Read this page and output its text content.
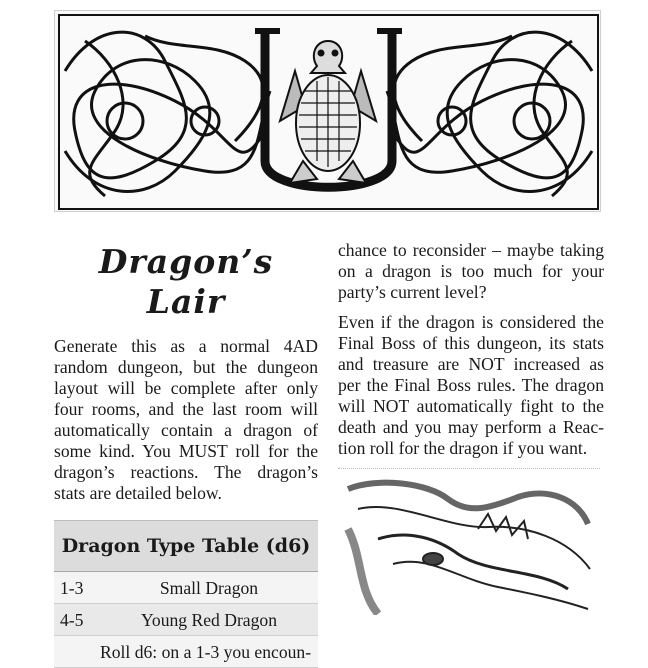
Dragon’s Lair

Generate this as a normal 4AD random dungeon, but the dungeon layout will be complete after only four rooms, and the last room will automatically contain a dragon of some kind. You MUST roll for the dragon’s reactions. The dragon’s stats are detailed below.

Dragon Type Table (d6)
1-3	Small Dragon
4-5	Young Red Dragon
Roll d6: on a 1-3 you encoun-

chance to reconsider – maybe taking on a dragon is too much for your party’s current level?

Even if the dragon is considered the Final Boss of this dungeon, its stats and treasure are NOT increased as per the Final Boss rules. The dragon will NOT automatically fight to the death and you may perform a Reaction roll for the dragon if you want.
